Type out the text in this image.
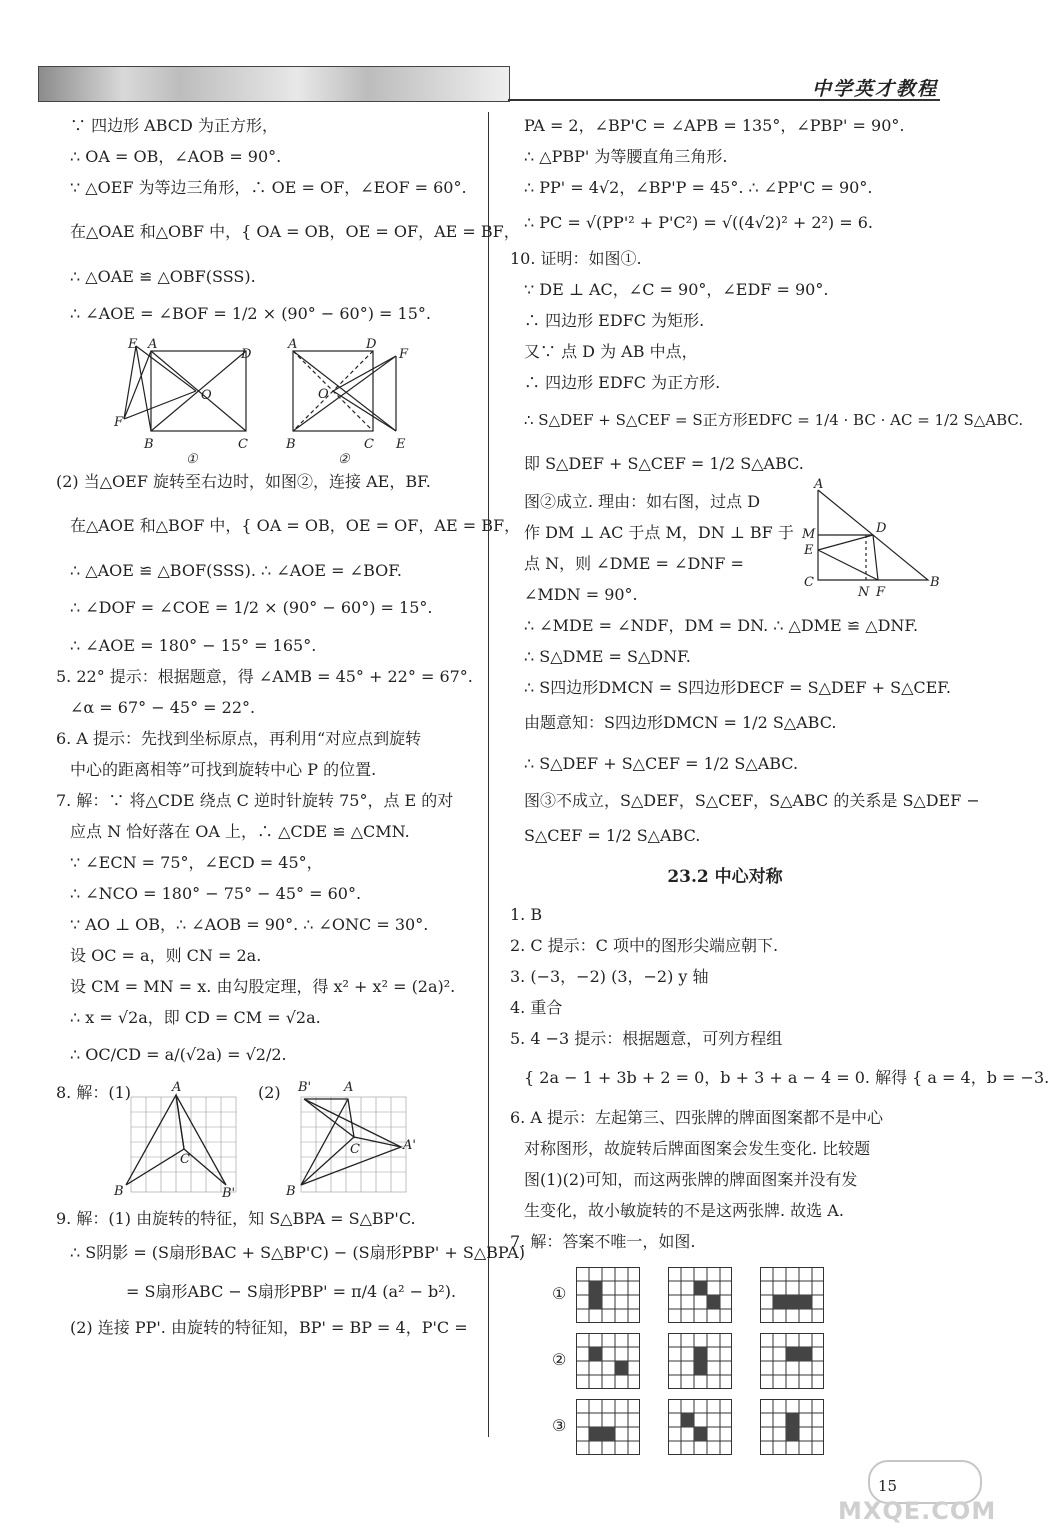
中学英才教程
∵ 四边形 ABCD 为正方形，
∴ OA = OB，∠AOB = 90°.
∵ △OEF 为等边三角形，∴ OE = OF，∠EOF = 60°.
在△OAE 和△OBF 中，{ OA = OB，OE = OF，AE = BF，
∴ △OAE ≌ △OBF(SSS).
∴ ∠AOE = ∠BOF = 1/2 × (90° − 60°) = 15°.
E A
D
O
F
B	C
①
A	D
F
O
B	C E
②
(2) 当△OEF 旋转至右边时，如图②，连接 AE，BF.
在△AOE 和△BOF 中，{ OA = OB，OE = OF，AE = BF，
∴ △AOE ≌ △BOF(SSS). ∴ ∠AOE = ∠BOF.
∴ ∠DOF = ∠COE = 1/2 × (90° − 60°) = 15°.
∴ ∠AOE = 180° − 15° = 165°.
5. 22° 提示：根据题意，得 ∠AMB = 45° + 22° = 67°.
∠α = 67° − 45° = 22°.
6. A 提示：先找到坐标原点，再利用“对应点到旋转
中心的距离相等”可找到旋转中心 P 的位置.
7. 解：∵ 将△CDE 绕点 C 逆时针旋转 75°，点 E 的对
应点 N 恰好落在 OA 上，∴ △CDE ≌ △CMN.
∵ ∠ECN = 75°，∠ECD = 45°，
∴ ∠NCO = 180° − 75° − 45° = 60°.
∵ AO ⊥ OB，∴ ∠AOB = 90°. ∴ ∠ONC = 30°.
设 OC = a，则 CN = 2a.
设 CM = MN = x. 由勾股定理，得 x² + x² = (2a)².
∴ x = √2a，即 CD = CM = √2a.
∴ OC/CD = a/(√2a) = √2/2.
8. 解：(1)	(2)
A
C
B	B'
B'	A
A'
C
B
9. 解：(1) 由旋转的特征，知 S△BPA = S△BP'C.
∴ S阴影 = (S扇形BAC + S△BP'C) − (S扇形PBP' + S△BPA)
= S扇形ABC − S扇形PBP' = π/4 (a² − b²).
(2) 连接 PP'. 由旋转的特征知，BP' = BP = 4，P'C =
PA = 2，∠BP'C = ∠APB = 135°，∠PBP' = 90°.
∴ △PBP' 为等腰直角三角形.
∴ PP' = 4√2，∠BP'P = 45°. ∴ ∠PP'C = 90°.
∴ PC = √(PP'² + P'C²) = √((4√2)² + 2²) = 6.
10. 证明：如图①.
∵ DE ⊥ AC，∠C = 90°，∠EDF = 90°.
∴ 四边形 EDFC 为矩形.
又∵ 点 D 为 AB 中点，
∴ 四边形 EDFC 为正方形.
∴ S△DEF + S△CEF = S正方形EDFC = 1/4 · BC · AC = 1/2 S△ABC.
即 S△DEF + S△CEF = 1/2 S△ABC.
图②成立. 理由：如右图，过点 D
作 DM ⊥ AC 于点 M，DN ⊥ BF 于
点 N，则 ∠DME = ∠DNF =
∠MDN = 90°.
A
M
E
D
C
N F
B
∴ ∠MDE = ∠NDF，DM = DN. ∴ △DME ≌ △DNF.
∴ S△DME = S△DNF.
∴ S四边形DMCN = S四边形DECF = S△DEF + S△CEF.
由题意知：S四边形DMCN = 1/2 S△ABC.
∴ S△DEF + S△CEF = 1/2 S△ABC.
图③不成立，S△DEF，S△CEF，S△ABC 的关系是 S△DEF −
S△CEF = 1/2 S△ABC.
23.2 中心对称
1. B
2. C 提示：C 项中的图形尖端应朝下.
3. (−3，−2) (3，−2) y 轴
4. 重合
5. 4 −3 提示：根据题意，可列方程组
{ 2a − 1 + 3b + 2 = 0，b + 3 + a − 4 = 0. 解得 { a = 4，b = −3.
6. A 提示：左起第三、四张牌的牌面图案都不是中心
对称图形，故旋转后牌面图案会发生变化. 比较题
图(1)(2)可知，而这两张牌的牌面图案并没有发
生变化，故小敏旋转的不是这两张牌. 故选 A.
7. 解：答案不唯一，如图.
①
②
③
15
MXQE.COM
